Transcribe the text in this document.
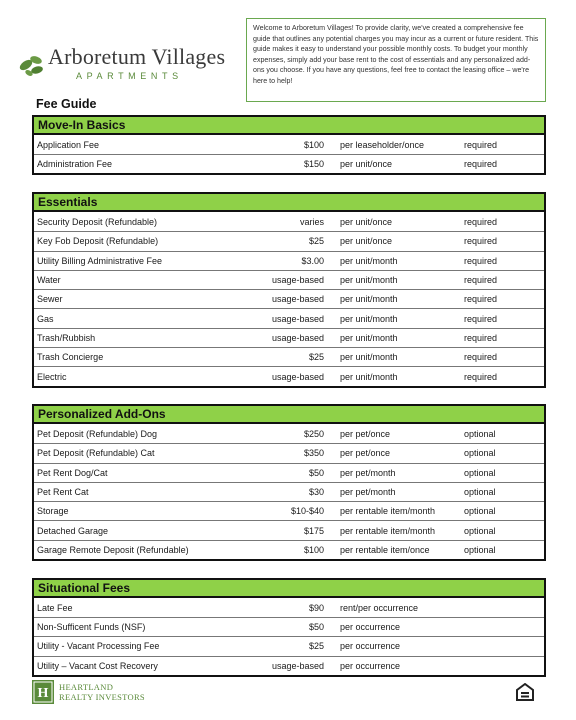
Arboretum Villages
APARTMENTS
Welcome to Arboretum Villages! To provide clarity, we've created a comprehensive fee guide that outlines any potential charges you may incur as a current or future resident. This guide makes it easy to understand your possible monthly costs. To budget your monthly expenses, simply add your base rent to the cost of essentials and any personalized add-ons you choose. If you have any questions, feel free to contact the leasing office – we're here to help!
Fee Guide
Move-In Basics
Application Fee	$100 per leaseholder/once	required
Administration Fee	$150 per unit/once	required
Essentials
Security Deposit (Refundable)	varies per unit/once	required
Key Fob Deposit (Refundable)	$25 per unit/once	required
Utility Billing Administrative Fee	$3.00 per unit/month	required
Water	usage-based per unit/month	required
Sewer	usage-based per unit/month	required
Gas	usage-based per unit/month	required
Trash/Rubbish	usage-based per unit/month	required
Trash Concierge	$25 per unit/month	required
Electric	usage-based per unit/month	required
Personalized Add-Ons
Pet Deposit (Refundable) Dog	$250 per pet/once	optional
Pet Deposit (Refundable) Cat	$350 per pet/once	optional
Pet Rent Dog/Cat	$50 per pet/month	optional
Pet Rent Cat	$30 per pet/month	optional
Storage	$10-$40 per rentable item/month	optional
Detached Garage	$175 per rentable item/month	optional
Garage Remote Deposit (Refundable)	$100 per rentable item/once	optional
Situational Fees
Late Fee	$90 rent/per occurrence
Non-Sufficent Funds (NSF)	$50 per occurrence
Utility - Vacant Processing Fee	$25 per occurrence
Utility – Vacant Cost Recovery	usage-based per occurrence
H HEARTLAND
REALTY INVESTORS
